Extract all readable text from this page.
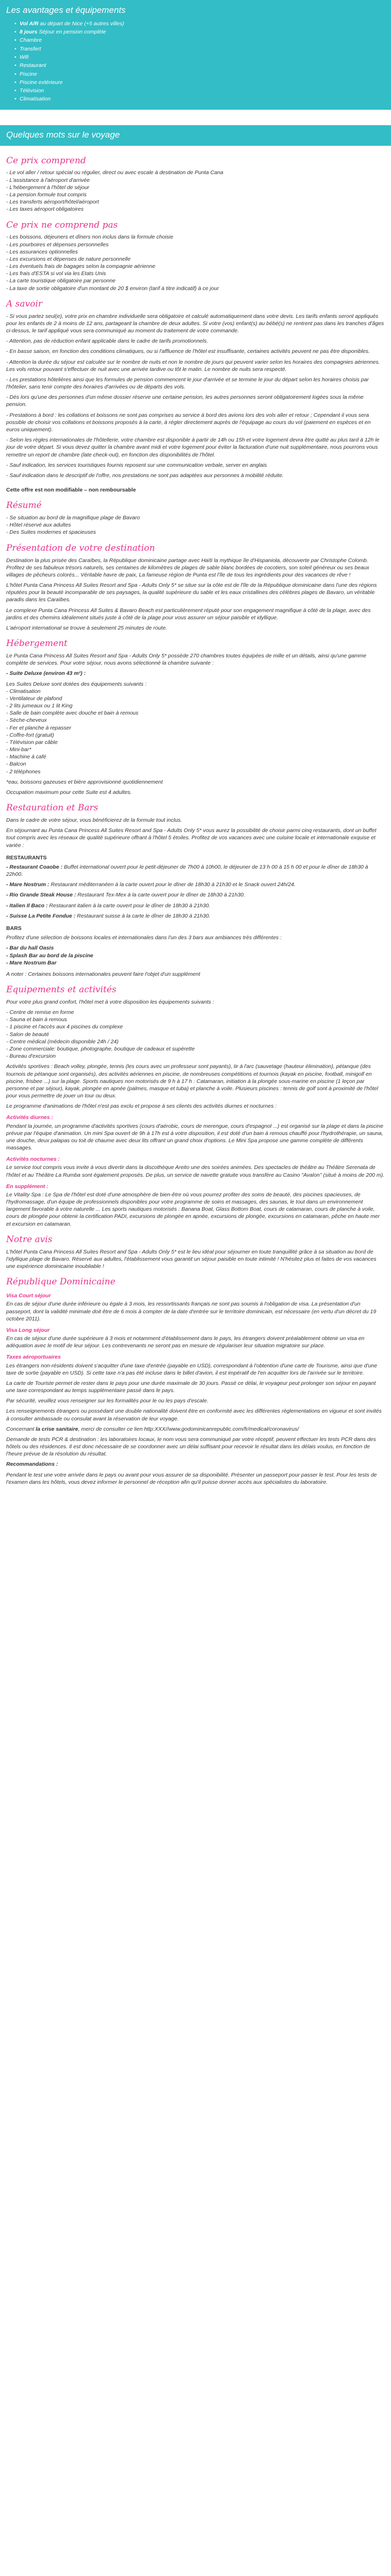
Les avantages et équipements
• Vol A/R au départ de Nice (+5 autres villes)
• 8 jours Séjour en pension complète
• Chambre
• Transfert
• Wifi
• Restaurant
• Piscine
• Piscine extérieure
• Télévision
• Climatisation
Quelques mots sur le voyage
Ce prix comprend

- Le vol aller / retour spécial ou régulier, direct ou avec escale à destination de Punta Cana

- L'assistance à l'aéroport d'arrivée

- L'hébergement à l'hôtel de séjour

- La pension formule tout compris

- Les transferts aéroport/hôtel/aéroport

- Les taxes aéroport obligatoires

Ce prix ne comprend pas

- Les boissons, déjeuners et dîners non inclus dans la formule choisie

- Les pourboires et dépenses personnelles

- Les assurances optionnelles

- Les excursions et dépenses de nature personnelle

- Les éventuels frais de bagages selon la compagnie aérienne

- Les frais d'ESTA si vol via les Etats Unis

- La carte touristique obligatoire par personne

- La taxe de sortie obligatoire d'un montant de 20 $ environ (tarif à titre indicatif) à ce jour

A savoir

- Si vous partez seul(e), votre prix en chambre individuelle sera obligatoire et calculé automatiquement dans votre devis. Les tarifs enfants seront appliqués pour les enfants de 2 à moins de 12 ans, partageant la chambre de deux adultes. Si votre (vos) enfant(s) au bébé(s) ne rentrent pas dans les tranches d'âges ci-dessus, le tarif appliqué vous sera communiqué au moment du traitement de votre commande.

- Attention, pas de réduction enfant applicable dans le cadre de tarifs promotionnels.

- En basse saison, en fonction des conditions climatiques, ou si l'affluence de l'hôtel est insuffisante, certaines activités peuvent ne pas être disponibles.

- Attention la durée du séjour est calculée sur le nombre de nuits et non le nombre de jours qui peuvent varier selon les horaires des compagnies aériennes. Les vols retour pouvant s'effectuer de nuit avec une arrivée tardive ou tôt le matin. Le nombre de nuits sera respecté.

- Les prestations hôtelières ainsi que les formules de pension commencent le jour d'arrivée et se termine le jour du départ selon les horaires choisis par l'hôtelier, sans tenir compte des horaires d'arrivées ou de départs des vols.

- Dès lors qu'une des personnes d'un même dossier réserve une certaine pension, les autres personnes seront obligatoirement logées sous la même pension.

- Prestations à bord : les collations et boissons ne sont pas comprises au service à bord des avions lors des vols aller et retour ; Cependant il vous sera possible de choisir vos collations et boissons proposés à la carte, à régler directement auprès de l'équipage au cours du vol (paiement en espèces et en euros uniquement).

- Selon les règles internationales de l'hôtellerie, votre chambre est disponible à partir de 14h ou 15h et votre logement devra être quitté au plus tard à 12h le jour de votre départ. Si vous devez quitter la chambre avant midi et votre logement pour éviter la facturation d'une nuit supplémentaire, nous pourrons vous remettre un report de chambre (late check-out), en fonction des disponibilités de l'hôtel.

- Sauf indication, les services touristiques fournis reposent sur une communication verbale, server en anglais

- Sauf indication dans le descriptif de l'offre, nos prestations ne sont pas adaptées aux personnes à mobilité réduite.

Cette offre est non modifiable – non remboursable

Résumé

- Se situation au bord de la magnifique plage de Bavaro

- Hôtel réservé aux adultes

- Des Suites modernes et spacieuses

Présentation de votre destination

Destination la plus prisée des Caraïbes, la République dominicaine partage avec Haïti la mythique île d'Hispaniola, découverte par Christophe Colomb. Profitez de ses fabuleux trésors naturels, ses centaines de kilomètres de plages de sable blanc bordées de cocotiers, son soleil généreux ou ses beaux villages de pêcheurs colorés... Véritable havre de paix, La fameuse région de Punta est l'île de tous les ingrédients pour des vacances de rêve !

L'hôtel Punta Cana Princess All Suites Resort and Spa - Adults Only 5* se situe sur la côte est de l'île de la République dominicaine dans l'une des régions réputées pour la beauté incomparable de ses paysages, la qualité supérieure du sable et les eaux cristallines des célèbres plages de Bavaro, un véritable paradis dans les Caraïbes.

Le complexe Punta Cana Princess All Suites & Bavaro Beach est particulièrement réputé pour son engagement magnifique à côté de la plage, avec des jardins et des chemins idéalement situés juste à côté de la plage pour vous assurer un séjour paisible et idyllique.

L'aéroport international se trouve à seulement 25 minutes de route.

Hébergement

Le Punta Cana Princess All Suites Resort and Spa - Adults Only 5* possède 270 chambres toutes équipées de mille et un détails, ainsi qu'une gamme complète de services. Pour votre séjour, nous avons sélectionné la chambre suivante :

- Suite Deluxe (environ 43 m²) :

Les Suites Deluxe sont dotées des équipements suivants :

- Climatisation
- Ventilateur de plafond
- 2 lits jumeaux ou 1 lit King
- Salle de bain complète avec douche et bain à remous
- Sèche-cheveux
- Fer et planche à repasser
- Coffre-fort (gratuit)
- Télévision par câble
- Mini-bar*
- Machine à café
- Balcon
- 2 téléphones

*eau, boissons gazeuses et bière approvisionné quotidiennement

Occupation maximum pour cette Suite est 4 adultes.

Restauration et Bars

Dans le cadre de votre séjour, vous bénéficierez de la formule tout inclus.

En séjournant au Punta Cana Princess All Suites Resort and Spa - Adults Only 5* vous aurez la possibilité de choisir parmi cinq restaurants, dont un buffet tout compris avec les réseaux de qualité supérieure offrant à l'hôtel 5 étoiles. Profitez de vos vacances avec une cuisine locale et internationale exquise et variée :

RESTAURANTS

- Restaurant Coaobe : Buffet international ouvert pour le petit-déjeuner de 7h00 à 10h00, le déjeuner de 13 h 00 à 15 h 00 et pour le dîner de 18h30 à 22h00.

- Mare Nostrum : Restaurant méditerranéen à la carte ouvert pour le dîner de 18h30 à 21h30 et le Snack ouvert 24h/24.

- Rio Grande Steak House : Restaurant Tex-Mex à la carte ouvert pour le dîner de 18h30 à 21h30.

- Italien Il Baco : Restaurant italien à la carte ouvert pour le dîner de 18h30 à 21h30.

- Suisse La Petite Fondue : Restaurant suisse à la carte le dîner de 18h30 à 21h30.

BARS

Profitez d'une sélection de boissons locales et internationales dans l'un des 3 bars aux ambiances très différentes :

- Bar du hall Oasis

- Splash Bar au bord de la piscine

- Mare Nostrum Bar

A noter : Certaines boissons internationales peuvent faire l'objet d'un supplément

Equipements et activités

Pour votre plus grand confort, l'hôtel met à votre disposition les équipements suivants :

- Centre de remise en forme
- Sauna et bain à remous
- 1 piscine et l'accès aux 4 piscines du complexe
- Salon de beauté
- Centre médical (médecin disponible 24h / 24)
- Zone commerciale: boutique, photographe, boutique de cadeaux et supérette
- Bureau d'excursion

Activités sportives : Beach volley, plongée, tennis (les cours avec un professeur sont payants), tir à l'arc (sauvetage (hauteur élimination), pétanque (des tournois de pétanque sont organisés), des activités aériennes en piscine, de nombreuses compétitions et tournois (kayak en piscine, football, minigolf en piscine, frisbee ...) sur la plage. Sports nautiques non motorisés de 9 h à 17 h : Catamaran, initiation à la plongée sous-marine en piscine (1 leçon par personne et par séjour), kayak, plongée en apnée (palmes, masque et tuba) et planche à voile. Plusieurs piscines : tennis de golf sont à proximité de l'hôtel pour vous permettre de jouer un tour ou deux.

Le programme d'animations de l'hôtel n'est pas exclu et propose à ses clients des activités diurnes et nocturnes :

Activités diurnes :

Pendant la journée, un programme d'activités sportives (cours d'aérobic, cours de merengue, cours d'espagnol ...) est organisé sur la plage et dans la piscine prévue par l'équipe d'animation. Un mini Spa ouvert de 9h à 17h est à votre disposition, il est doté d'un bain à remous chauffé pour l'hydrothérapie, un sauna, une douche, deux palapas ou toit de chaume avec deux lits offrant un grand choix d'options. Le Mini Spa propose une gamme complète de différents massages.

Activités nocturnes :

Le service tout compris vous invite à vous divertir dans la discothèque Areito une des soirées animées. Des spectacles de théâtre au Théâtre Serenata de l'hôtel et au Théâtre La Rumba sont également proposés. De plus, un service de navette gratuite vous transfère au Casino "Avalon" (situé à moins de 200 m).

En supplément :

Le Vitality Spa : Le Spa de l'hôtel est doté d'une atmosphère de bien-être où vous pourrez profiter des soins de beauté, des piscines spacieuses, de l'hydromassage, d'un équipe de professionnels disponibles pour votre programme de soins et massages, des saunas, le tout dans un environnement largement favorable à votre naturelle ... Les sports nautiques motorisés : Banana Boat, Glass Bottom Boat, cours de catamaran, cours de planche à voile, cours de plongée pour obtenir la certification PADI, excursions de plongée en apnée, excursions de plongée, excursions en catamaran, pêche en haute mer et excursion en catamaran.

Notre avis

L'hôtel Punta Cana Princess All Suites Resort and Spa - Adults Only 5* est le lieu idéal pour séjourner en toute tranquillité grâce à sa situation au bord de l'idyllique plage de Bavaro. Réservé aux adultes, l'établissement vous garantit un séjour paisible en toute intimité ! N'hésitez plus et faites de vos vacances une expérience dominicaine inoubliable !

République Dominicaine

Visa Court séjour

En cas de séjour d'une durée inférieure ou égale à 3 mois, les ressortissants français ne sont pas soumis à l'obligation de visa. La présentation d'un passeport, dont la validité minimale doit être de 6 mois à compter de la date d'entrée sur le territoire dominicain, est nécessaire (en vertu d'un décret du 19 octobre 2011).

Visa Long séjour

En cas de séjour d'une durée supérieure à 3 mois et notamment d'établissement dans le pays, les étrangers doivent préalablement obtenir un visa en adéquation avec le motif de leur séjour. Les contrevenants ne seront pas en mesure de régulariser leur situation migratoire sur place.

Taxes aéroportuaires

Les étrangers non-résidents doivent s'acquitter d'une taxe d'entrée (payable en USD), correspondant à l'obtention d'une carte de Tourisme, ainsi que d'une taxe de sortie (payable en USD). Si cette taxe n'a pas été incluse dans le billet d'avion, il est impératif de l'en acquitter lors de l'arrivée sur le territoire.

La carte de Touriste permet de rester dans le pays pour une durée maximale de 30 jours. Passé ce délai, le voyageur peut prolonger son séjour en payant une taxe correspondant au temps supplémentaire passé dans le pays.

Par sécurité, veuillez vous renseigner sur les formalités pour le ou les pays d'escale.

Les renseignements étrangers ou possédant une double nationalité doivent être en conformité avec les différentes réglementations en vigueur et sont invités à consulter ambassade ou consulat avant la réservation de leur voyage.

Concernant la crise sanitaire, merci de consulter ce lien http:XXX//www.godominicanrepublic.com/fr/medical/coronavirus/

Demande de tests PCR & destination : les laboratoires locaux, le nom vous sera communiqué par votre réceptif, peuvent effectuer les tests PCR dans des hôtels ou des résidences. Il est donc nécessaire de se coordonner avec un délai suffisant pour recevoir le résultat dans les délais voulus, en fonction de l'heure prévue de la résolution du résultat.

Recommandations :

Pendant le test une votre arrivée dans le pays ou avant pour vous assurer de sa disponibilité. Présenter un passeport pour passer le test. Pour les tests de l'examen dans les hôtels, vous devez informer le personnel de réception afin qu'il puisse donner accès aux spécialistes du laboratoire.
